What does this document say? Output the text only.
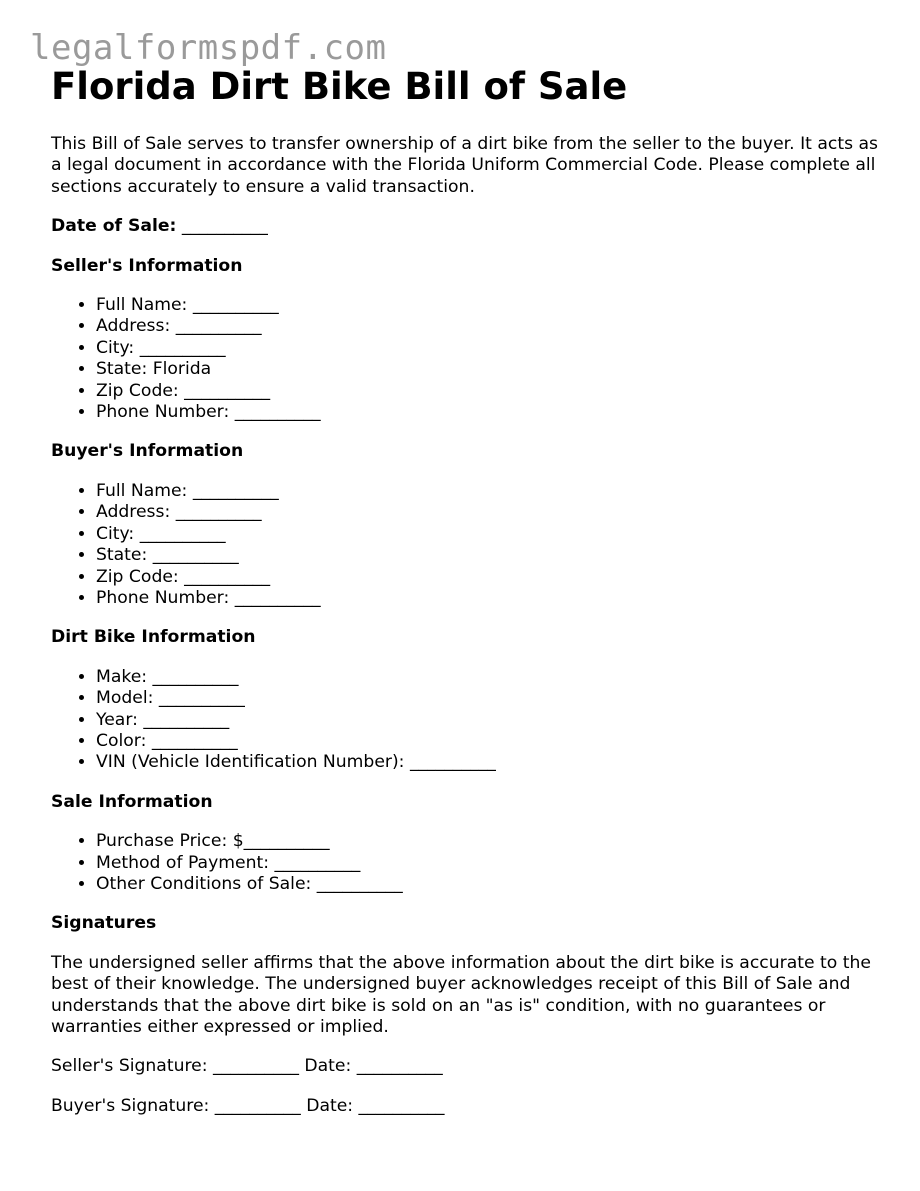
legalformspdf.com
Florida Dirt Bike Bill of Sale

This Bill of Sale serves to transfer ownership of a dirt bike from the seller to the buyer. It acts as a legal document in accordance with the Florida Uniform Commercial Code. Please complete all sections accurately to ensure a valid transaction.

Date of Sale: __________

Seller's Information
• Full Name: __________
• Address: __________
• City: __________
• State: Florida
• Zip Code: __________
• Phone Number: __________
Buyer's Information
• Full Name: __________
• Address: __________
• City: __________
• State: __________
• Zip Code: __________
• Phone Number: __________
Dirt Bike Information
• Make: __________
• Model: __________
• Year: __________
• Color: __________
• VIN (Vehicle Identification Number): __________
Sale Information
• Purchase Price: $__________
• Method of Payment: __________
• Other Conditions of Sale: __________
Signatures

The undersigned seller affirms that the above information about the dirt bike is accurate to the best of their knowledge. The undersigned buyer acknowledges receipt of this Bill of Sale and understands that the above dirt bike is sold on an "as is" condition, with no guarantees or warranties either expressed or implied.

Seller's Signature: __________ Date: __________

Buyer's Signature: __________ Date: __________
